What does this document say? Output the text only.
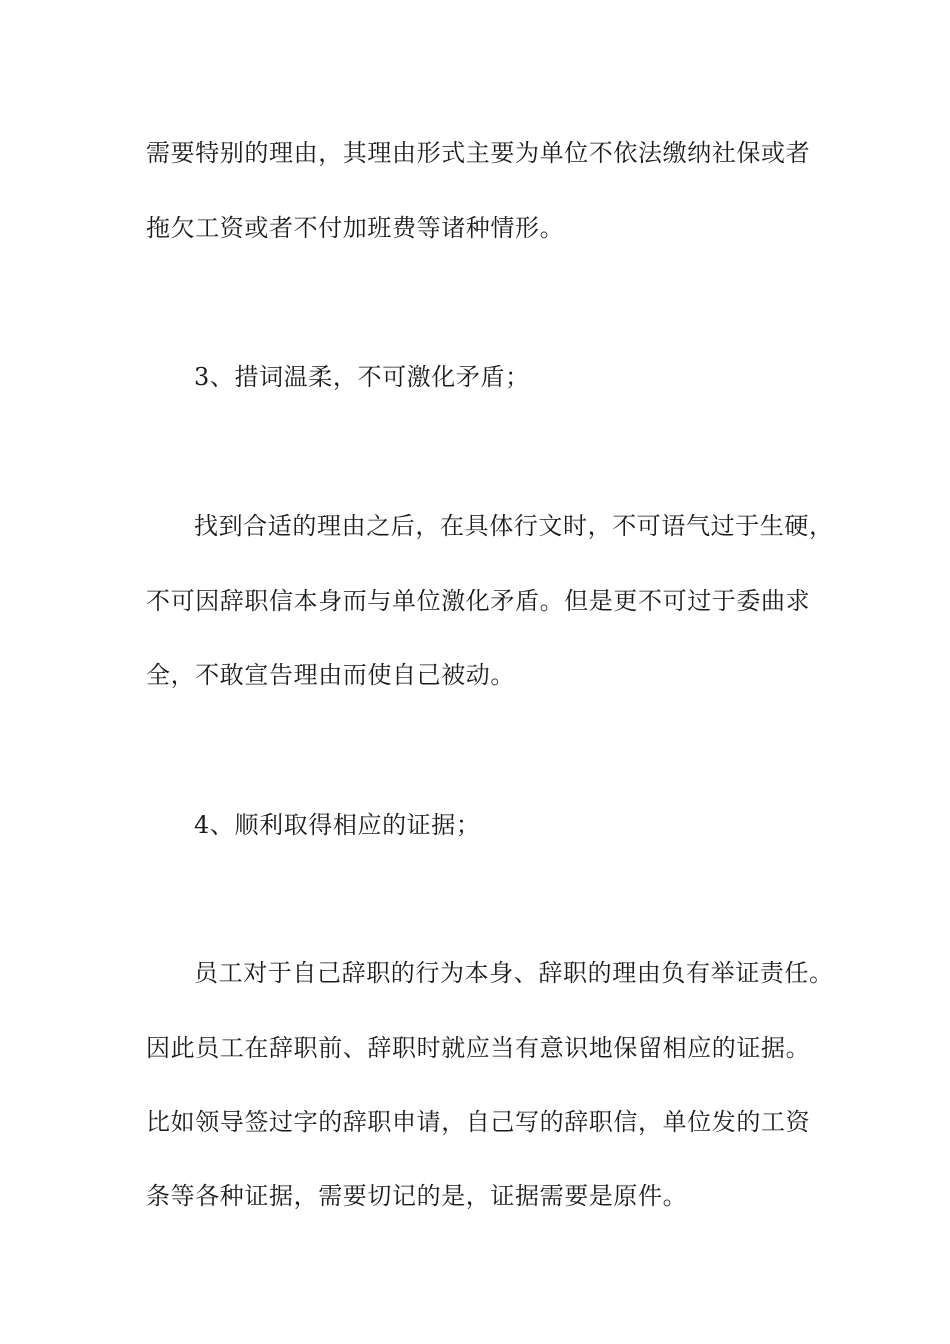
需要特别的理由，其理由形式主要为单位不依法缴纳社保或者
拖欠工资或者不付加班费等诸种情形。
3、措词温柔，不可激化矛盾；
找到合适的理由之后，在具体行文时，不可语气过于生硬，
不可因辞职信本身而与单位激化矛盾。但是更不可过于委曲求
全，不敢宣告理由而使自己被动。
4、顺利取得相应的证据；
员工对于自己辞职的行为本身、辞职的理由负有举证责任。
因此员工在辞职前、辞职时就应当有意识地保留相应的证据。
比如领导签过字的辞职申请，自己写的辞职信，单位发的工资
条等各种证据，需要切记的是，证据需要是原件。
